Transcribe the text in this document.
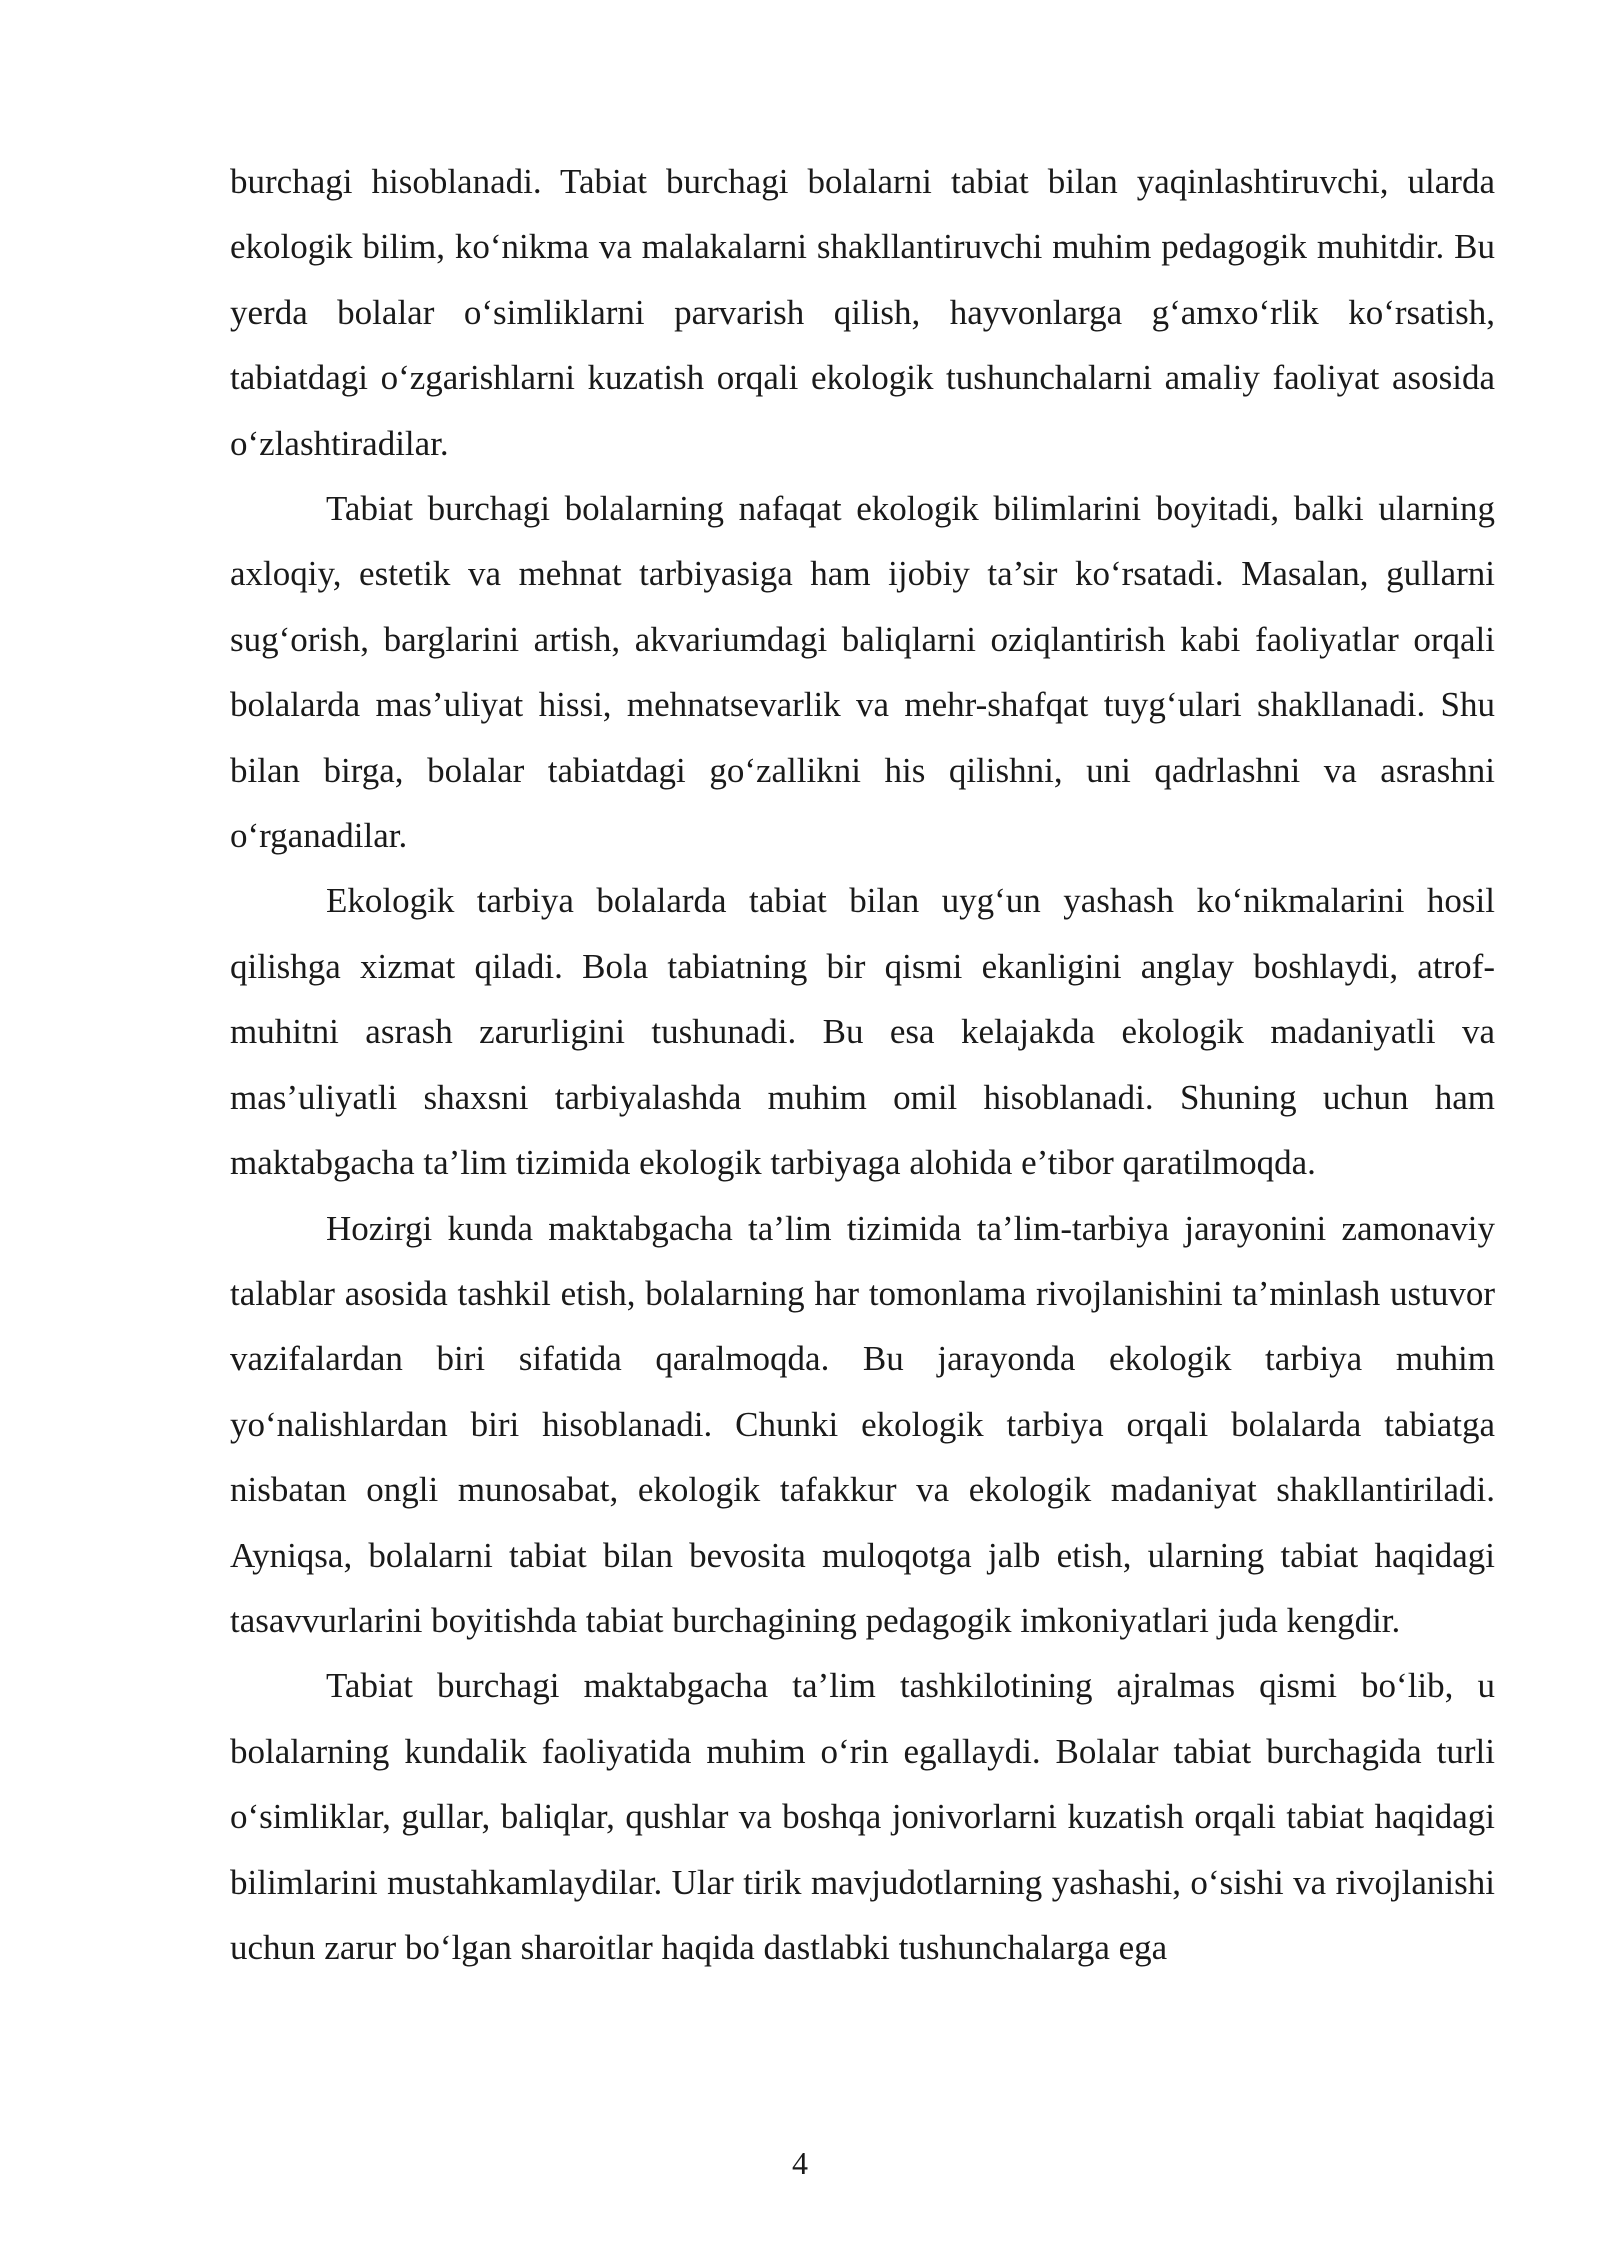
burchagi hisoblanadi. Tabiat burchagi bolalarni tabiat bilan yaqinlashtiruvchi, ularda ekologik bilim, ko‘nikma va malakalarni shakllantiruvchi muhim pedagogik muhitdir. Bu yerda bolalar o‘simliklarni parvarish qilish, hayvonlarga g‘amxo‘rlik ko‘rsatish, tabiatdagi o‘zgarishlarni kuzatish orqali ekologik tushunchalarni amaliy faoliyat asosida o‘zlashtiradilar.

Tabiat burchagi bolalarning nafaqat ekologik bilimlarini boyitadi, balki ularning axloqiy, estetik va mehnat tarbiyasiga ham ijobiy ta’sir ko‘rsatadi. Masalan, gullarni sug‘orish, barglarini artish, akvariumdagi baliqlarni oziqlantirish kabi faoliyatlar orqali bolalarda mas’uliyat hissi, mehnatsevarlik va mehr-shafqat tuyg‘ulari shakllanadi. Shu bilan birga, bolalar tabiatdagi go‘zallikni his qilishni, uni qadrlashni va asrashni o‘rganadilar.

Ekologik tarbiya bolalarda tabiat bilan uyg‘un yashash ko‘nikmalarini hosil qilishga xizmat qiladi. Bola tabiatning bir qismi ekanligini anglay boshlaydi, atrof-muhitni asrash zarurligini tushunadi. Bu esa kelajakda ekologik madaniyatli va mas’uliyatli shaxsni tarbiyalashda muhim omil hisoblanadi. Shuning uchun ham maktabgacha ta’lim tizimida ekologik tarbiyaga alohida e’tibor qaratilmoqda.

Hozirgi kunda maktabgacha ta’lim tizimida ta’lim-tarbiya jarayonini zamonaviy talablar asosida tashkil etish, bolalarning har tomonlama rivojlanishini ta’minlash ustuvor vazifalardan biri sifatida qaralmoqda. Bu jarayonda ekologik tarbiya muhim yo‘nalishlardan biri hisoblanadi. Chunki ekologik tarbiya orqali bolalarda tabiatga nisbatan ongli munosabat, ekologik tafakkur va ekologik madaniyat shakllantiriladi. Ayniqsa, bolalarni tabiat bilan bevosita muloqotga jalb etish, ularning tabiat haqidagi tasavvurlarini boyitishda tabiat burchagining pedagogik imkoniyatlari juda kengdir.

Tabiat burchagi maktabgacha ta’lim tashkilotining ajralmas qismi bo‘lib, u bolalarning kundalik faoliyatida muhim o‘rin egallaydi. Bolalar tabiat burchagida turli o‘simliklar, gullar, baliqlar, qushlar va boshqa jonivorlarni kuzatish orqali tabiat haqidagi bilimlarini mustahkamlaydilar. Ular tirik mavjudotlarning yashashi, o‘sishi va rivojlanishi uchun zarur bo‘lgan sharoitlar haqida dastlabki tushunchalarga ega

4
